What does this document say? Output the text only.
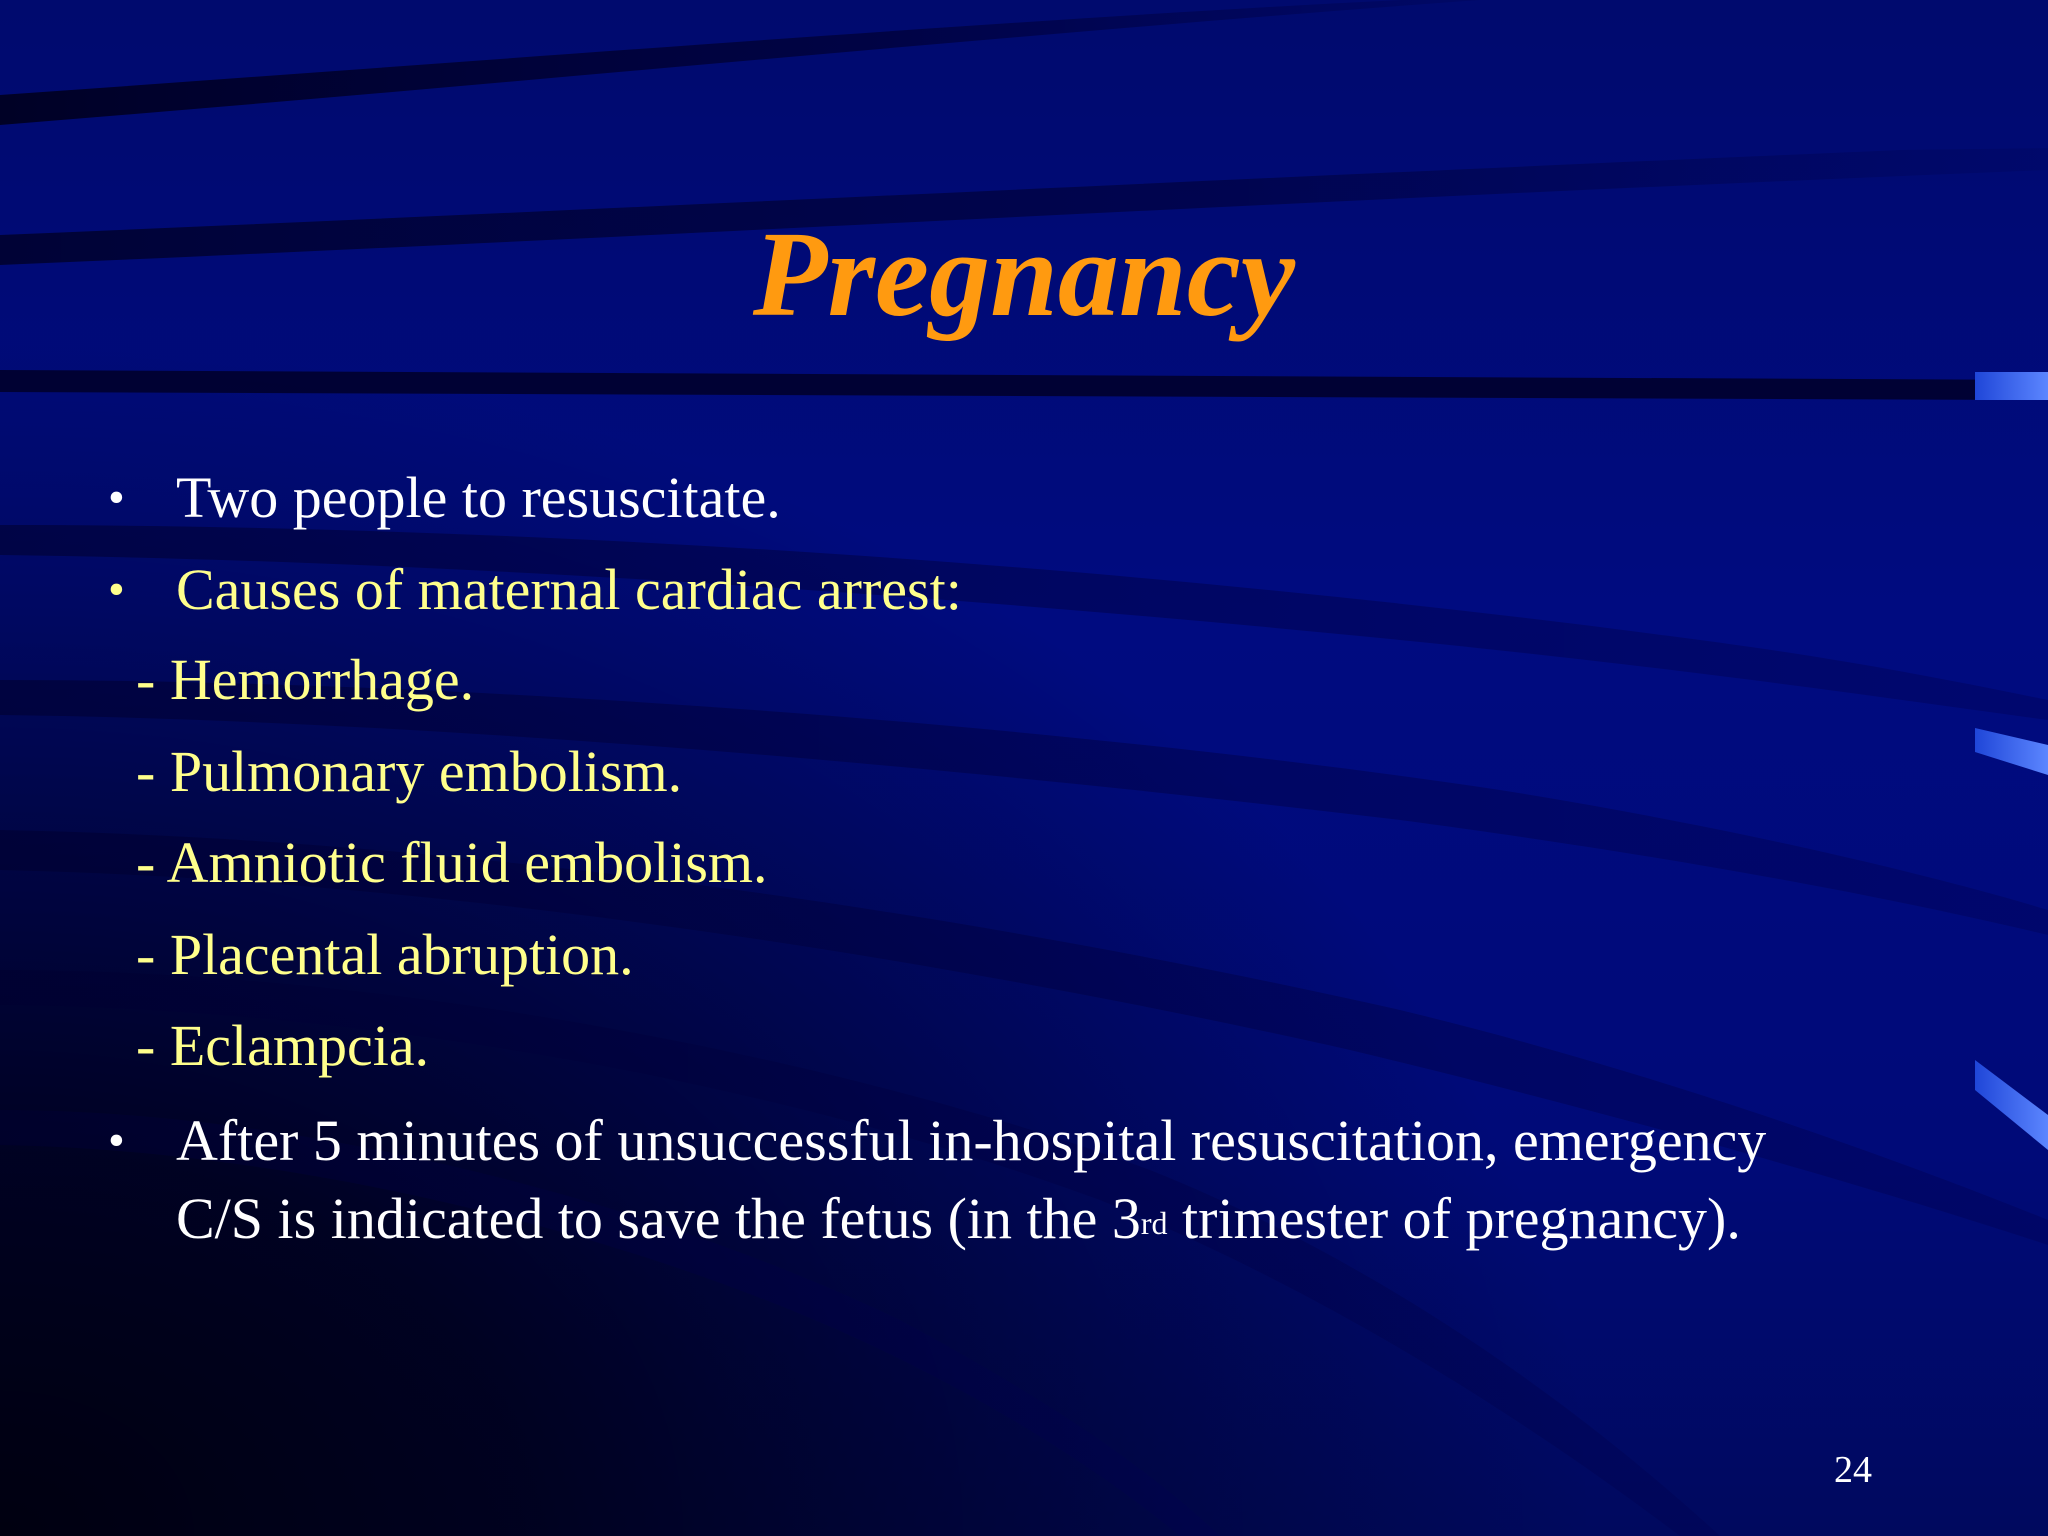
Pregnancy
• Two people to resuscitate.
• Causes of maternal cardiac arrest:
- Hemorrhage.
- Pulmonary embolism.
- Amniotic fluid embolism.
- Placental abruption.
- Eclampcia.
• After 5 minutes of unsuccessful in-hospital resuscitation, emergency
C/S is indicated to save the fetus (in the 3rd trimester of pregnancy).
24
